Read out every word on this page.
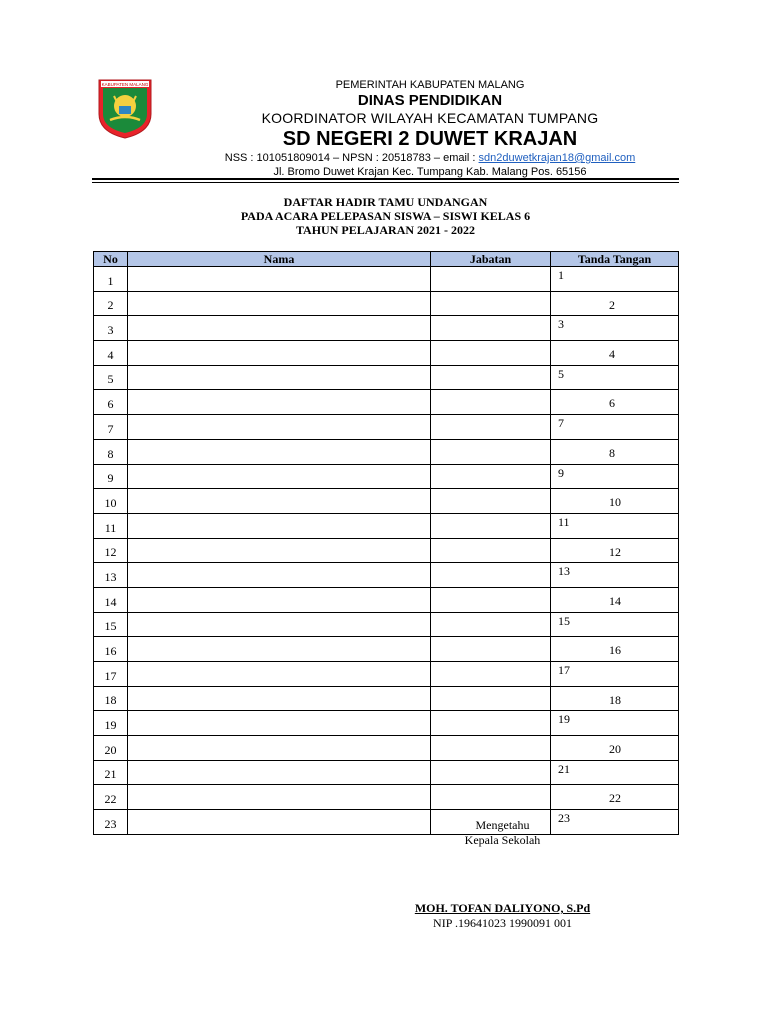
KABUPATEN MALANG	PEMERINTAH KABUPATEN MALANG
DINAS PENDIDIKAN
KOORDINATOR WILAYAH KECAMATAN TUMPANG
SD NEGERI 2 DUWET KRAJAN
NSS : 101051809014 – NPSN : 20518783 – email : sdn2duwetkrajan18@gmail.com
Jl. Bromo Duwet Krajan Kec. Tumpang Kab. Malang Pos. 65156
DAFTAR HADIR TAMU UNDANGAN
PADA ACARA PELEPASAN SISWA – SISWI KELAS 6
TAHUN PELAJARAN 2021 - 2022
No	Nama	Jabatan	Tanda Tangan
1			1

2			2

3			3

4			4

5			5

6			6

7			7

8			8

9			9

10			10

11			11

12			12

13			13

14			14

15			15

16			16

17			17

18			18

19			19

20			20

21			21

22			22

23			23
Mengetahu
Kepala Sekolah
MOH. TOFAN DALIYONO, S.Pd
NIP .19641023 1990091 001
